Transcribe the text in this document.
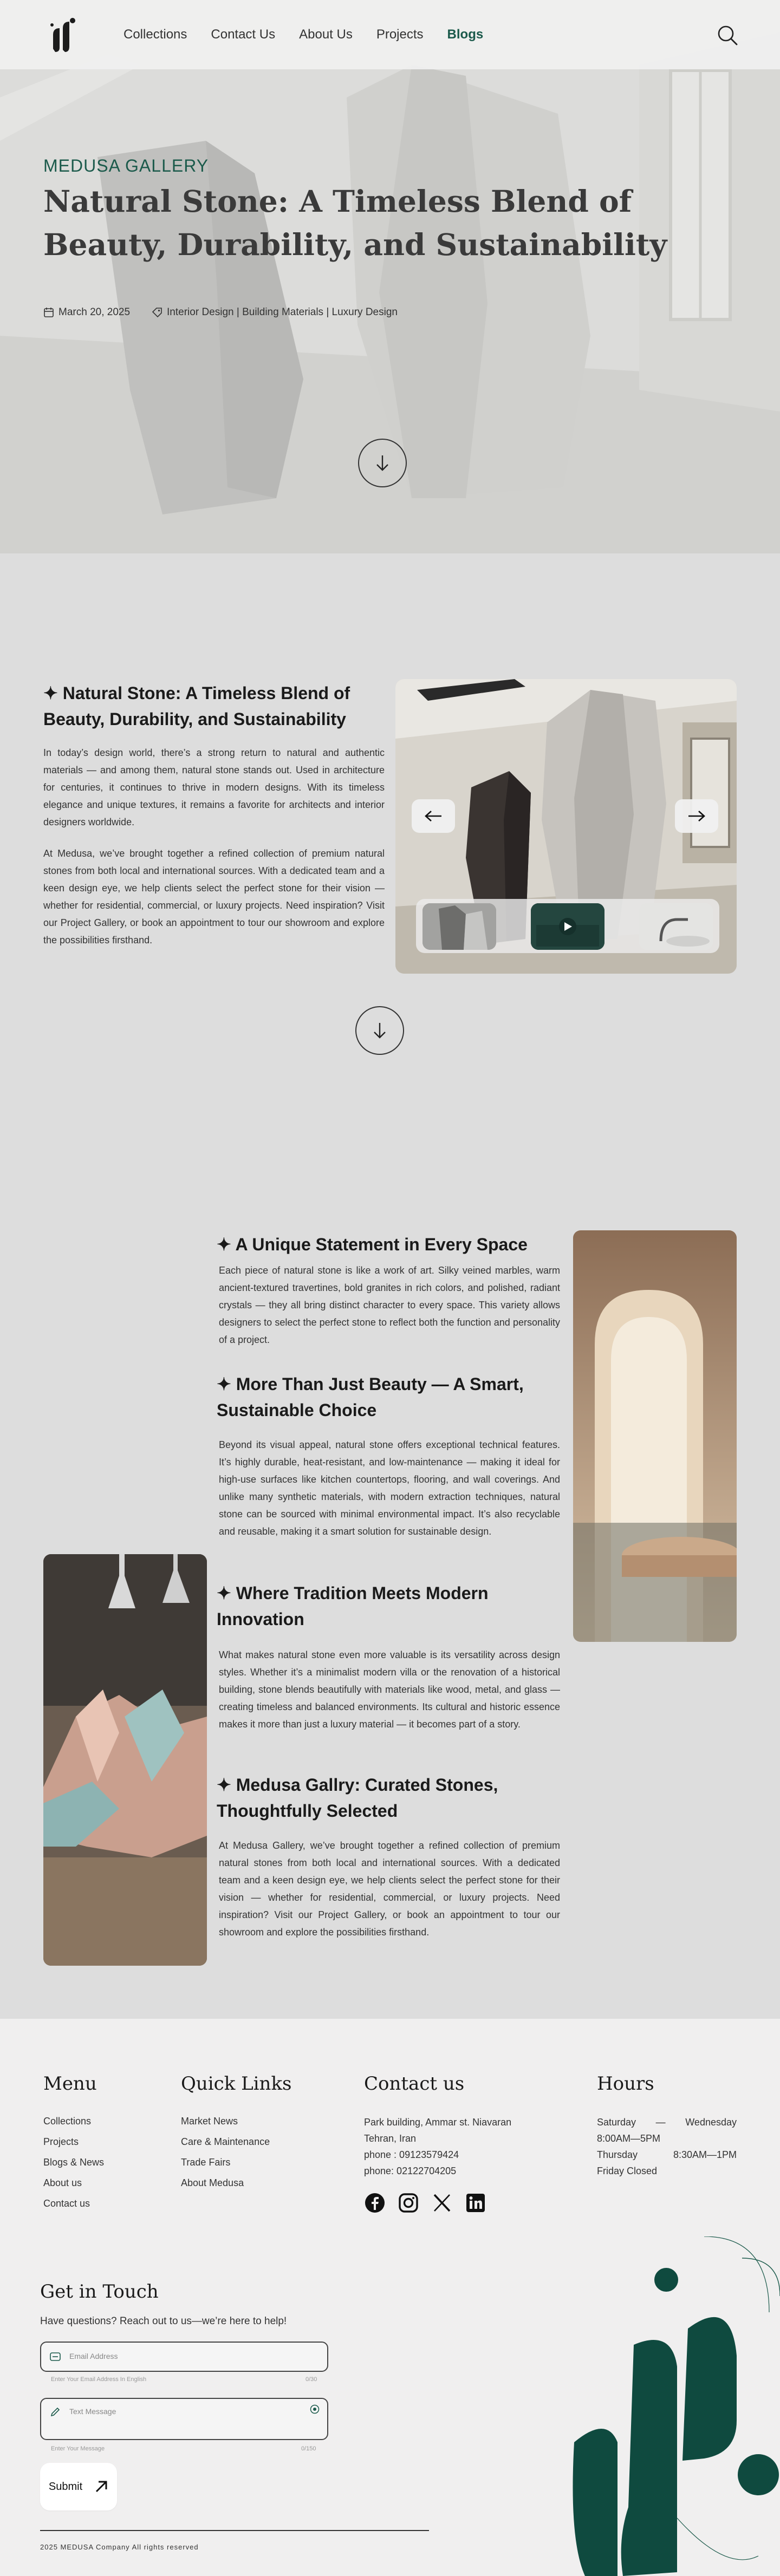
MEDUSA GALLERY
Natural Stone: A Timeless Blend of Beauty, Durability, and Sustainability
March 20, 2025	Interior Design | Building Materials | Luxury Design
Collections Contact Us About Us Projects Blogs
✦ Natural Stone: A Timeless Blend of Beauty, Durability, and Sustainability

In today’s design world, there’s a strong return to natural and authentic materials — and among them, natural stone stands out. Used in architecture for centuries, it continues to thrive in modern designs. With its timeless elegance and unique textures, it remains a favorite for architects and interior designers worldwide.

At Medusa, we’ve brought together a refined collection of premium natural stones from both local and international sources. With a dedicated team and a keen design eye, we help clients select the perfect stone for their vision — whether for residential, commercial, or luxury projects. Need inspiration? Visit our Project Gallery, or book an appointment to tour our showroom and explore the possibilities firsthand.

✦ A Unique Statement in Every Space

Each piece of natural stone is like a work of art. Silky veined marbles, warm ancient-textured travertines, bold granites in rich colors, and polished, radiant crystals — they all bring distinct character to every space. This variety allows designers to select the perfect stone to reflect both the function and personality of a project.

✦ More Than Just Beauty — A Smart, Sustainable Choice

Beyond its visual appeal, natural stone offers exceptional technical features. It’s highly durable, heat-resistant, and low-maintenance — making it ideal for high-use surfaces like kitchen countertops, flooring, and wall coverings. And unlike many synthetic materials, with modern extraction techniques, natural stone can be sourced with minimal environmental impact. It’s also recyclable and reusable, making it a smart solution for sustainable design.

✦ Where Tradition Meets Modern Innovation

What makes natural stone even more valuable is its versatility across design styles. Whether it’s a minimalist modern villa or the renovation of a historical building, stone blends beautifully with materials like wood, metal, and glass — creating timeless and balanced environments. Its cultural and historic essence makes it more than just a luxury material — it becomes part of a story.

✦ Medusa Gallry: Curated Stones, Thoughtfully Selected

At Medusa Gallery, we’ve brought together a refined collection of premium natural stones from both local and international sources. With a dedicated team and a keen design eye, we help clients select the perfect stone for their vision — whether for residential, commercial, or luxury projects. Need inspiration? Visit our Project Gallery, or book an appointment to tour our showroom and explore the possibilities firsthand.

Menu
Collections
Projects
Blogs & News
About us
Contact us
Quick Links
Market News
Care & Maintenance
Trade Fairs
About Medusa
Contact us
Park building, Ammar st. Niavaran Tehran, Iran
phone : 09123579424
phone: 02122704205
Hours
Saturday — Wednesday
8:00AM—5PM
Thursday 8:30AM—1PM
Friday Closed
Get in Touch
Have questions? Reach out to us—we’re here to help!
Email Address
Enter Your Email Address In English	0/30
Text Message
Enter Your Message	0/150
Submit
2025 MEDUSA Company All rights reserved
